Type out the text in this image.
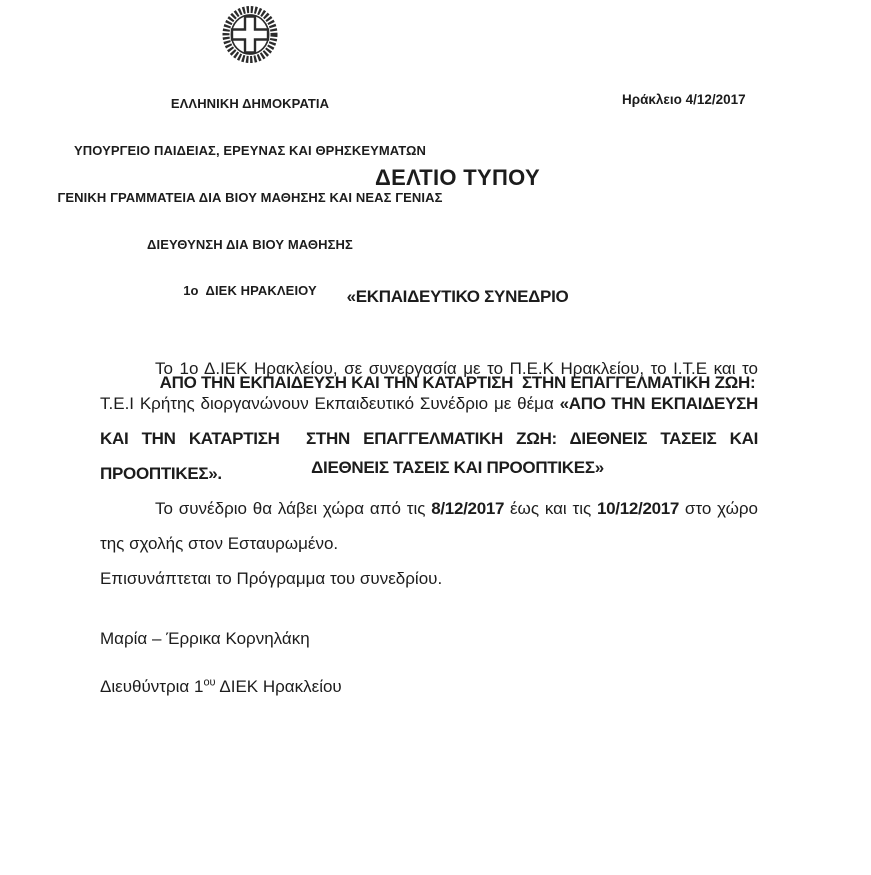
ΕΛΛΗΝΙΚΗ ΔΗΜΟΚΡΑΤΙΑ

ΥΠΟΥΡΓΕΙΟ ΠΑΙΔΕΙΑΣ, ΕΡΕΥΝΑΣ ΚΑΙ ΘΡΗΣΚΕΥΜΑΤΩΝ

ΓΕΝΙΚΗ ΓΡΑΜΜΑΤΕΙΑ ΔΙΑ ΒΙΟΥ ΜΑΘΗΣΗΣ ΚΑΙ ΝΕΑΣ ΓΕΝΙΑΣ

ΔΙΕΥΘΥΝΣΗ ΔΙΑ ΒΙΟΥ ΜΑΘΗΣΗΣ

1ο  ΔΙΕΚ ΗΡΑΚΛΕΙΟΥ

Ηράκλειο 4/12/2017
ΔΕΛΤΙΟ ΤΥΠΟΥ

«ΕΚΠΑΙΔΕΥΤΙΚΟ ΣΥΝΕΔΡΙΟ

ΑΠΟ ΤΗΝ ΕΚΠΑΙΔΕΥΣΗ ΚΑΙ ΤΗΝ ΚΑΤΑΡΤΙΣΗ  ΣΤΗΝ ΕΠΑΓΓΕΛΜΑΤΙΚΗ ΖΩΗ:

ΔΙΕΘΝΕΙΣ ΤΑΣΕΙΣ ΚΑΙ ΠΡΟΟΠΤΙΚΕΣ»

Το 1ο Δ.ΙΕΚ Ηρακλείου, σε συνεργασία με το Π.Ε.Κ Ηρακλείου, το Ι.Τ.Ε και το Τ.Ε.Ι Κρήτης διοργανώνουν Εκπαιδευτικό Συνέδριο με θέμα «ΑΠΟ ΤΗΝ ΕΚΠΑΙΔΕΥΣΗ ΚΑΙ ΤΗΝ ΚΑΤΑΡΤΙΣΗ  ΣΤΗΝ ΕΠΑΓΓΕΛΜΑΤΙΚΗ ΖΩΗ: ΔΙΕΘΝΕΙΣ ΤΑΣΕΙΣ ΚΑΙ ΠΡΟΟΠΤΙΚΕΣ».

Το συνέδριο θα λάβει χώρα από τις 8/12/2017 έως και τις 10/12/2017 στο χώρο της σχολής στον Εσταυρωμένο.

Επισυνάπτεται το Πρόγραμμα του συνεδρίου.

Μαρία – Έρρικα Κορνηλάκη

Διευθύντρια $1^{o\upsilon}$ ΔΙΕΚ Ηρακλείου
